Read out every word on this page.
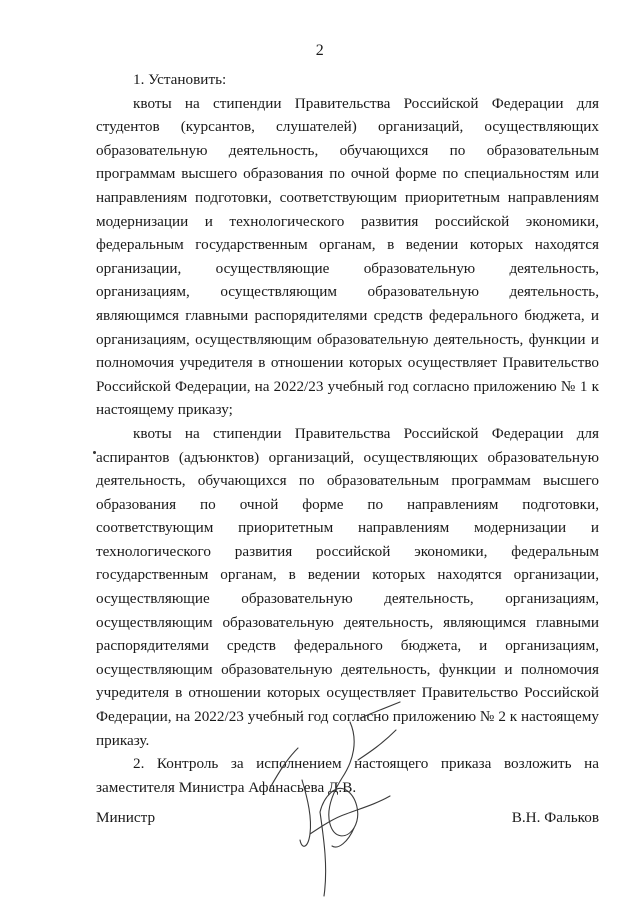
2

1. Установить:

квоты на стипендии Правительства Российской Федерации для студентов (курсантов, слушателей) организаций, осуществляющих образовательную деятельность, обучающихся по образовательным программам высшего образования по очной форме по специальностям или направлениям подготовки, соответствующим приоритетным направлениям модернизации и технологического развития российской экономики, федеральным государственным органам, в ведении которых находятся организации, осуществляющие образовательную деятельность, организациям, осуществляющим образовательную деятельность, являющимся главными распорядителями средств федерального бюджета, и организациям, осуществляющим образовательную деятельность, функции и полномочия учредителя в отношении которых осуществляет Правительство Российской Федерации, на 2022/23 учебный год согласно приложению № 1 к настоящему приказу;

квоты на стипендии Правительства Российской Федерации для аспирантов (адъюнктов) организаций, осуществляющих образовательную деятельность, обучающихся по образовательным программам высшего образования по очной форме по направлениям подготовки, соответствующим приоритетным направлениям модернизации и технологического развития российской экономики, федеральным государственным органам, в ведении которых находятся организации, осуществляющие образовательную деятельность, организациям, осуществляющим образовательную деятельность, являющимся главными распорядителями средств федерального бюджета, и организациям, осуществляющим образовательную деятельность, функции и полномочия учредителя в отношении которых осуществляет Правительство Российской Федерации, на 2022/23 учебный год согласно приложению № 2 к настоящему приказу.

2. Контроль за исполнением настоящего приказа возложить на заместителя Министра Афанасьева Д.В.

Министр	В.Н. Фальков
